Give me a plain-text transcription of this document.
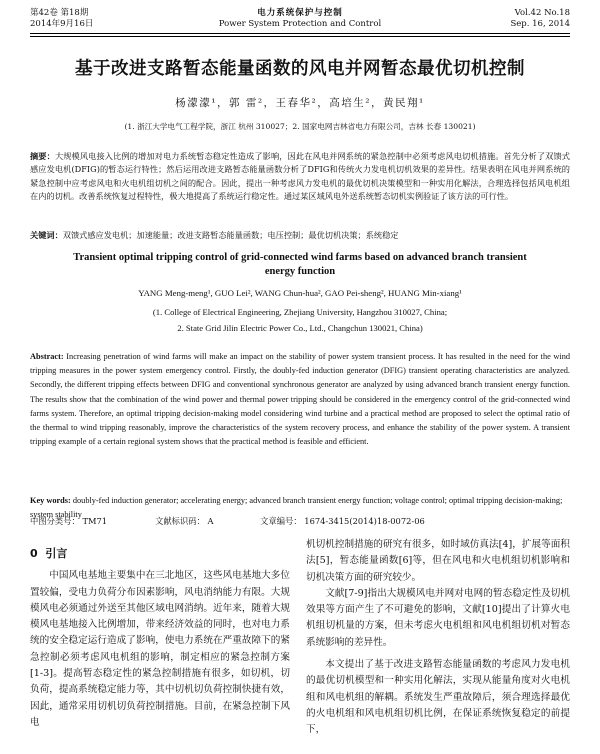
第42卷 第18期
2014年9月16日
电力系统保护与控制
Power System Protection and Control
Vol.42 No.18
Sep. 16, 2014
基于改进支路暂态能量函数的风电并网暂态最优切机控制
杨濛濛¹，郭 雷²，王春华²，高培生²，黄民翔¹
(1. 浙江大学电气工程学院，浙江 杭州 310027；2. 国家电网吉林省电力有限公司，吉林 长春 130021)
摘要：大规模风电接入比例的增加对电力系统暂态稳定性造成了影响，因此在风电并网系统的紧急控制中必须考虑风电切机措施。首先分析了双馈式感应发电机(DFIG)的暂态运行特性；然后运用改进支路暂态能量函数分析了DFIG和传统火力发电机切机效果的差异性。结果表明在风电并网系统的紧急控制中应考虑风电和火电机组切机之间的配合。因此，提出一种考虑风力发电机的最优切机决策模型和一种实用化解法，合理选择包括风电机组在内的切机。改善系统恢复过程特性，极大地提高了系统运行稳定性。通过某区域风电外送系统暂态切机实例验证了该方法的可行性。
关键词：双馈式感应发电机；加速能量；改进支路暂态能量函数；电压控制；最优切机决策；系统稳定
Transient optimal tripping control of grid-connected wind farms based on advanced branch transient energy function
YANG Meng-meng¹, GUO Lei², WANG Chun-hua², GAO Pei-sheng², HUANG Min-xiang¹
(1. College of Electrical Engineering, Zhejiang University, Hangzhou 310027, China;
2. State Grid Jilin Electric Power Co., Ltd., Changchun 130021, China)
Abstract: Increasing penetration of wind farms will make an impact on the stability of power system transient process. It has resulted in the need for the wind tripping measures in the power system emergency control. Firstly, the doubly-fed induction generator (DFIG) transient operating characteristics are analyzed. Secondly, the different tripping effects between DFIG and conventional synchronous generator are analyzed by using advanced branch transient energy function. The results show that the combination of the wind power and thermal power tripping should be considered in the emergency control of the grid-connected wind farms system. Therefore, an optimal tripping decision-making model considering wind turbine and a practical method are proposed to select the optimal ratio of the thermal to wind tripping reasonably, improve the characteristics of the system recovery process, and enhance the stability of the power system. A transient tripping example of a certain regional system shows that the practical method is feasible and efficient.
Key words: doubly-fed induction generator; accelerating energy; advanced branch transient energy function; voltage control; optimal tripping decision-making; system stability
中图分类号： TM71	文献标识码： A	文章编号： 1674-3415(2014)18-0072-06
0 引言

中国风电基地主要集中在三北地区，这些风电基地大多位置较偏，受电力负荷分布因素影响，风电消纳能力有限。大规模风电必须通过外送至其他区域电网消纳。近年来，随着大规模风电基地接入比例增加，带来经济效益的同时，也对电力系统的安全稳定运行造成了影响，使电力系统在严重故障下的紧急控制必须考虑风电机组的影响，制定相应的紧急控制方案[1-3]。提高暂态稳定性的紧急控制措施有很多，如切机，切负荷，提高系统稳定能力等，其中切机切负荷控制快捷有效，因此，通常采用切机切负荷控制措施。目前，在紧急控制下风电

机切机控制措施的研究有很多，如时域仿真法[4]，扩展等面积法[5]，暂态能量函数[6]等，但在风电和火电机组切机影响和切机决策方面的研究较少。

文献[7-9]指出大规模风电并网对电网的暂态稳定性及切机效果等方面产生了不可避免的影响，文献[10]提出了计算火电机组切机量的方案，但未考虑火电机组和风电机组切机对暂态系统影响的差异性。

本文提出了基于改进支路暂态能量函数的考虑风力发电机的最优切机模型和一种实用化解法，实现从能量角度对火电机组和风电机组的解耦。系统发生严重故障后，须合理选择最优的火电机组和风电机组切机比例，在保证系统恢复稳定的前提下，
